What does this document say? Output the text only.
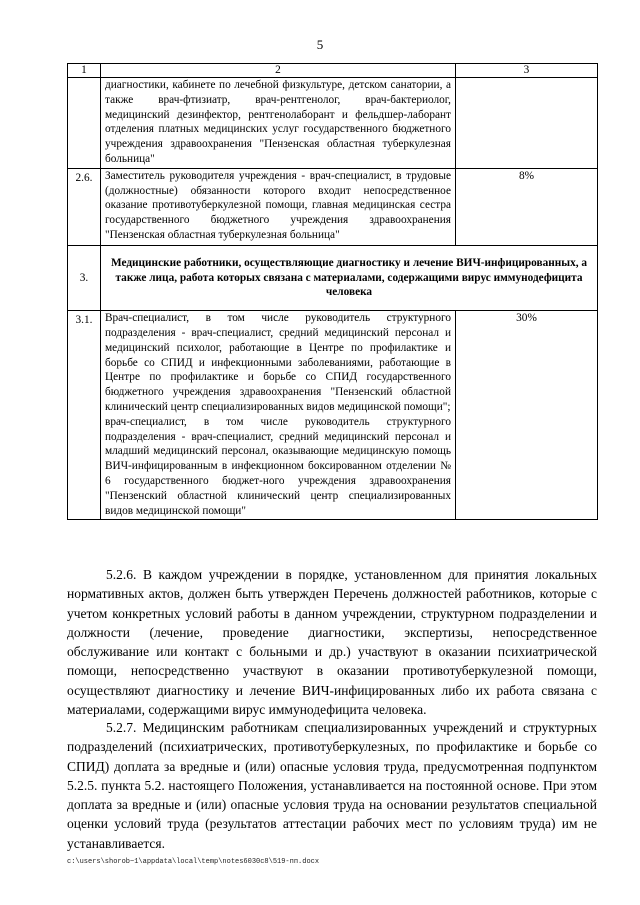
5
1	2	3
	диагностики, кабинете по лечебной физкультуре, детском санатории, а также врач-фтизиатр, врач-рентгенолог, врач-бактериолог, медицинский дезинфектор, рентгенолаборант и фельдшер-лаборант отделения платных медицинских услуг государственного бюджетного учреждения здравоохранения "Пензенская областная туберкулезная больница"	
2.6.	Заместитель руководителя учреждения - врач-специалист, в трудовые (должностные) обязанности которого входит непосредственное оказание противотуберкулезной помощи, главная медицинская сестра государственного бюджетного учреждения здравоохранения "Пензенская областная туберкулезная больница"	8%
3.	Медицинские работники, осуществляющие диагностику и лечение ВИЧ-инфицированных, а также лица, работа которых связана с материалами, содержащими вирус иммунодефицита человека	
3.1.	Врач-специалист, в том числе руководитель структурного подразделения - врач-специалист, средний медицинский персонал и медицинский психолог, работающие в Центре по профилактике и борьбе со СПИД и инфекционными заболеваниями, работающие в Центре по профилактике и борьбе со СПИД государственного бюджетного учреждения здравоохранения "Пензенский областной клинический центр специализированных видов медицинской помощи";
врач-специалист, в том числе руководитель структурного подразделения - врач-специалист, средний медицинский персонал и младший медицинский персонал, оказывающие медицинскую помощь ВИЧ-инфицированным в инфекционном боксированном отделении № 6 государственного бюджет-ного учреждения здравоохранения "Пензенский областной клинический центр специализированных видов медицинской помощи"	30%

5.2.6. В каждом учреждении в порядке, установленном для принятия локальных нормативных актов, должен быть утвержден Перечень должностей работников, которые с учетом конкретных условий работы в данном учреждении, структурном подразделении и должности (лечение, проведение диагностики, экспертизы, непосредственное обслуживание или контакт с больными и др.) участвуют в оказании психиатрической помощи, непосредственно участвуют в оказании противотуберкулезной помощи, осуществляют диагностику и лечение ВИЧ-инфицированных либо их работа связана с материалами, содержащими вирус иммунодефицита человека.

5.2.7. Медицинским работникам специализированных учреждений и структурных подразделений (психиатрических, противотуберкулезных, по профилактике и борьбе со СПИД) доплата за вредные и (или) опасные условия труда, предусмотренная подпунктом 5.2.5. пункта 5.2. настоящего Положения, устанавливается на постоянной основе. При этом доплата за вредные и (или) опасные условия труда на основании результатов специальной оценки условий труда (результатов аттестации рабочих мест по условиям труда) им не устанавливается.

c:\users\shorob~1\appdata\local\temp\notes6030c8\519-пп.docx
